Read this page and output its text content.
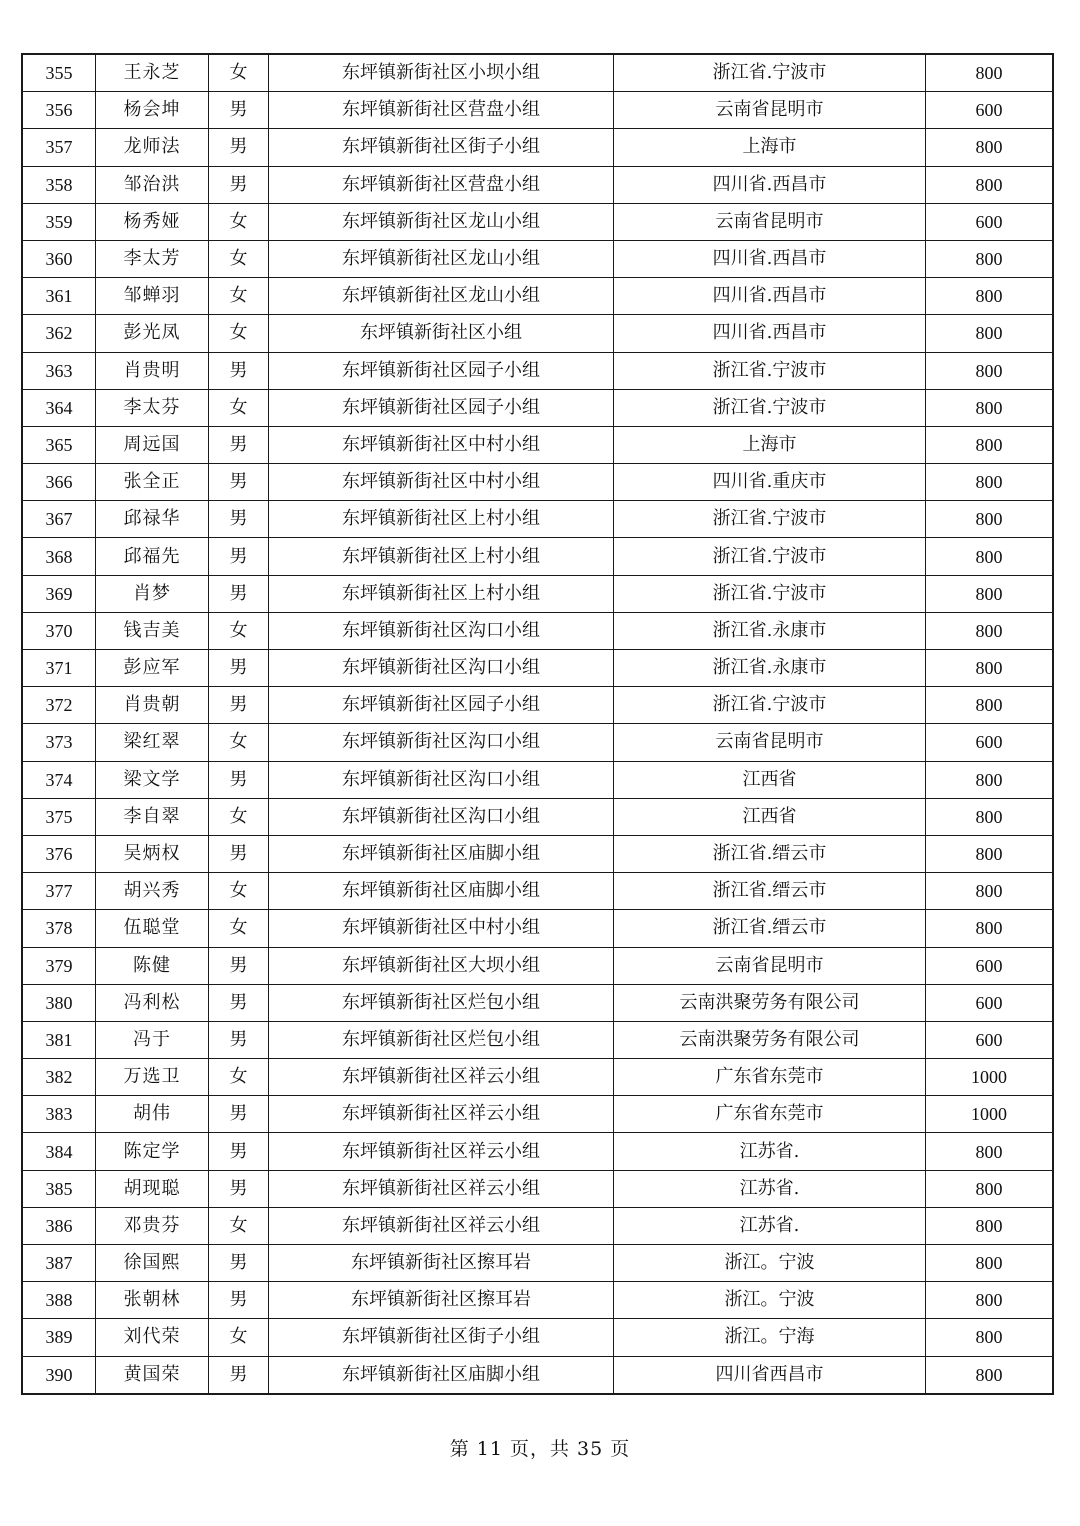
355	王永芝	女	东坪镇新街社区小坝小组	浙江省.宁波市	800
356	杨会坤	男	东坪镇新街社区营盘小组	云南省昆明市	600
357	龙师法	男	东坪镇新街社区街子小组	上海市	800
358	邹治洪	男	东坪镇新街社区营盘小组	四川省.西昌市	800
359	杨秀娅	女	东坪镇新街社区龙山小组	云南省昆明市	600
360	李太芳	女	东坪镇新街社区龙山小组	四川省.西昌市	800
361	邹蝉羽	女	东坪镇新街社区龙山小组	四川省.西昌市	800
362	彭光凤	女	东坪镇新街社区小组	四川省.西昌市	800
363	肖贵明	男	东坪镇新街社区园子小组	浙江省.宁波市	800
364	李太芬	女	东坪镇新街社区园子小组	浙江省.宁波市	800
365	周远国	男	东坪镇新街社区中村小组	上海市	800
366	张全正	男	东坪镇新街社区中村小组	四川省.重庆市	800
367	邱禄华	男	东坪镇新街社区上村小组	浙江省.宁波市	800
368	邱福先	男	东坪镇新街社区上村小组	浙江省.宁波市	800
369	肖梦	男	东坪镇新街社区上村小组	浙江省.宁波市	800
370	钱吉美	女	东坪镇新街社区沟口小组	浙江省.永康市	800
371	彭应军	男	东坪镇新街社区沟口小组	浙江省.永康市	800
372	肖贵朝	男	东坪镇新街社区园子小组	浙江省.宁波市	800
373	梁红翠	女	东坪镇新街社区沟口小组	云南省昆明市	600
374	梁文学	男	东坪镇新街社区沟口小组	江西省	800
375	李自翠	女	东坪镇新街社区沟口小组	江西省	800
376	吴炳权	男	东坪镇新街社区庙脚小组	浙江省.缙云市	800
377	胡兴秀	女	东坪镇新街社区庙脚小组	浙江省.缙云市	800
378	伍聪堂	女	东坪镇新街社区中村小组	浙江省.缙云市	800
379	陈健	男	东坪镇新街社区大坝小组	云南省昆明市	600
380	冯利松	男	东坪镇新街社区烂包小组	云南洪聚劳务有限公司	600
381	冯于	男	东坪镇新街社区烂包小组	云南洪聚劳务有限公司	600
382	万选卫	女	东坪镇新街社区祥云小组	广东省东莞市	1000
383	胡伟	男	东坪镇新街社区祥云小组	广东省东莞市	1000
384	陈定学	男	东坪镇新街社区祥云小组	江苏省.	800
385	胡现聪	男	东坪镇新街社区祥云小组	江苏省.	800
386	邓贵芬	女	东坪镇新街社区祥云小组	江苏省.	800
387	徐国熙	男	东坪镇新街社区擦耳岩	浙江。宁波	800
388	张朝林	男	东坪镇新街社区擦耳岩	浙江。宁波	800
389	刘代荣	女	东坪镇新街社区街子小组	浙江。宁海	800
390	黄国荣	男	东坪镇新街社区庙脚小组	四川省西昌市	800
第 11 页，共 35 页
